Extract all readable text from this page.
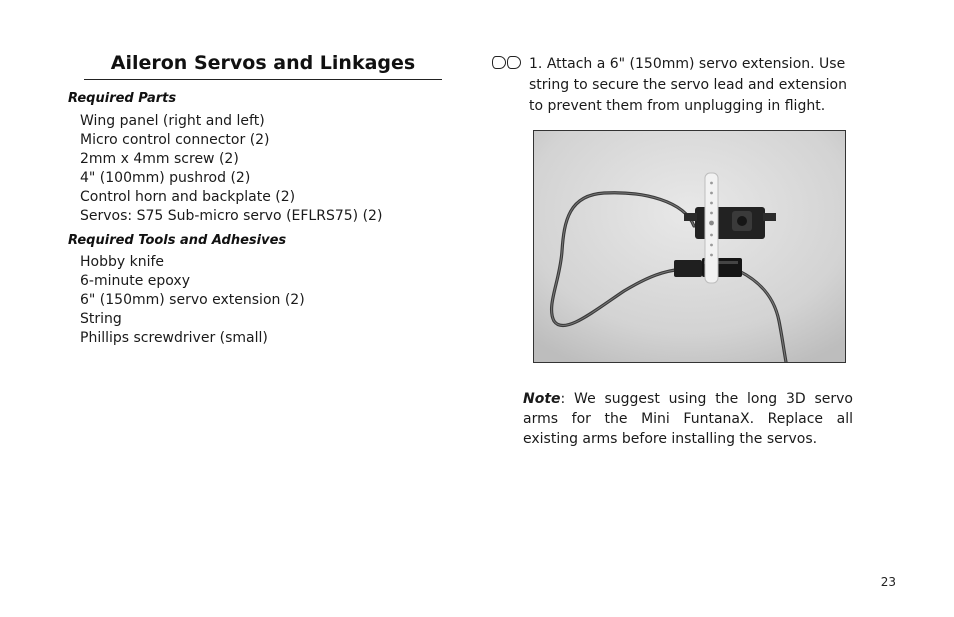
Aileron Servos and Linkages
Required Parts
Wing panel (right and left)
Micro control connector (2)
2mm x 4mm screw (2)
4" (100mm) pushrod (2)
Control horn and backplate (2)
Servos: S75 Sub-micro servo (EFLRS75) (2)
Required Tools and Adhesives
Hobby knife
6-minute epoxy
6" (150mm) servo extension (2)
String
Phillips screwdriver (small)
1. Attach a 6" (150mm) servo extension. Use string to secure the servo lead and extension to prevent them from unplugging in flight.
Note: We suggest using the long 3D servo arms for the Mini FuntanaX. Replace all existing arms before installing the servos.
23
